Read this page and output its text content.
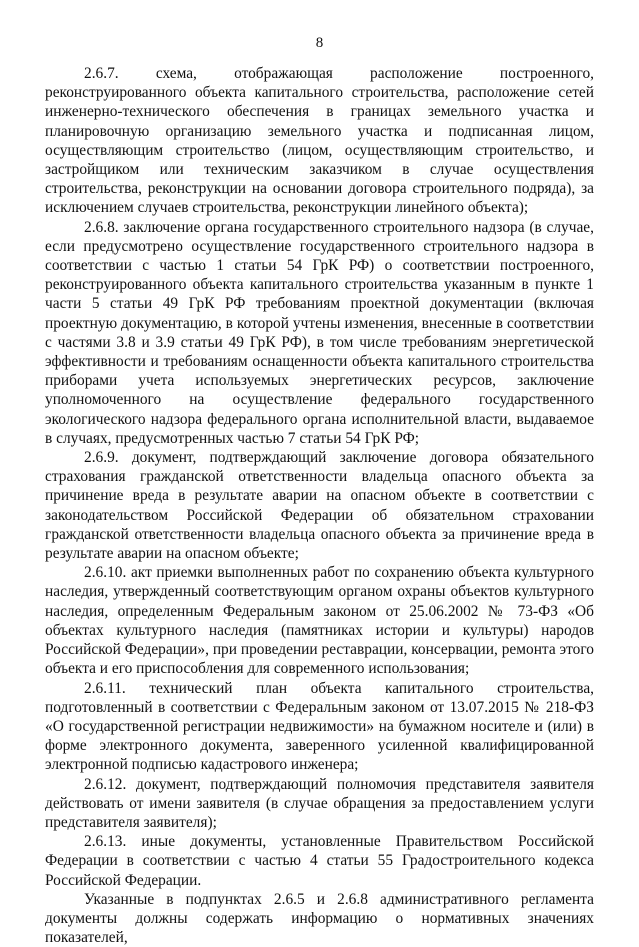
8

2.6.7. схема, отображающая расположение построенного, реконструированного объекта капитального строительства, расположение сетей инженерно-технического обеспечения в границах земельного участка и планировочную организацию земельного участка и подписанная лицом, осуществляющим строительство (лицом, осуществляющим строительство, и застройщиком или техническим заказчиком в случае осуществления строительства, реконструкции на основании договора строительного подряда), за исключением случаев строительства, реконструкции линейного объекта);

2.6.8. заключение органа государственного строительного надзора (в случае, если предусмотрено осуществление государственного строительного надзора в соответствии с частью 1 статьи 54 ГрК РФ) о соответствии построенного, реконструированного объекта капитального строительства указанным в пункте 1 части 5 статьи 49 ГрК РФ требованиям проектной документации (включая проектную документацию, в которой учтены изменения, внесенные в соответствии с частями 3.8 и 3.9 статьи 49 ГрК РФ), в том числе требованиям энергетической эффективности и требованиям оснащенности объекта капитального строительства приборами учета используемых энергетических ресурсов, заключение уполномоченного на осуществление федерального государственного экологического надзора федерального органа исполнительной власти, выдаваемое в случаях, предусмотренных частью 7 статьи 54 ГрК РФ;

2.6.9. документ, подтверждающий заключение договора обязательного страхования гражданской ответственности владельца опасного объекта за причинение вреда в результате аварии на опасном объекте в соответствии с законодательством Российской Федерации об обязательном страховании гражданской ответственности владельца опасного объекта за причинение вреда в результате аварии на опасном объекте;

2.6.10. акт приемки выполненных работ по сохранению объекта культурного наследия, утвержденный соответствующим органом охраны объектов культурного наследия, определенным Федеральным законом от 25.06.2002 № 73-ФЗ «Об объектах культурного наследия (памятниках истории и культуры) народов Российской Федерации», при проведении реставрации, консервации, ремонта этого объекта и его приспособления для современного использования;

2.6.11. технический план объекта капитального строительства, подготовленный в соответствии с Федеральным законом от 13.07.2015 № 218-ФЗ «О государственной регистрации недвижимости» на бумажном носителе и (или) в форме электронного документа, заверенного усиленной квалифицированной электронной подписью кадастрового инженера;

2.6.12. документ, подтверждающий полномочия представителя заявителя действовать от имени заявителя (в случае обращения за предоставлением услуги представителя заявителя);

2.6.13. иные документы, установленные Правительством Российской Федерации в соответствии с частью 4 статьи 55 Градостроительного кодекса Российской Федерации.

Указанные в подпунктах 2.6.5 и 2.6.8 административного регламента документы должны содержать информацию о нормативных значениях показателей,
